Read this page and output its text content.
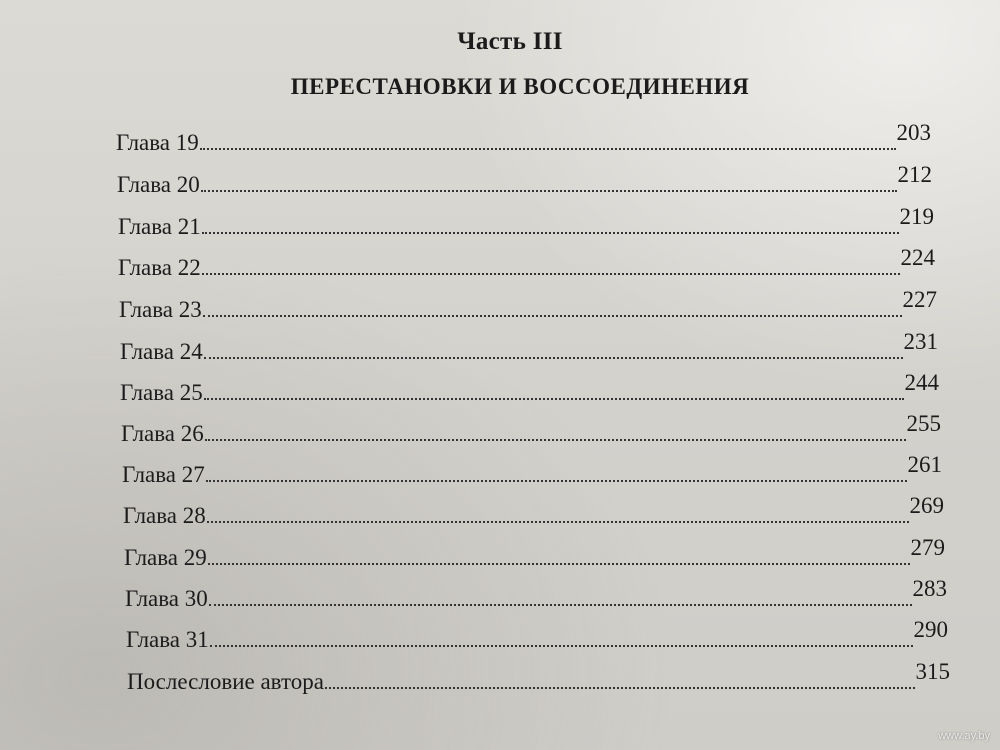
Часть III
ПЕРЕСТАНОВКИ И ВОССОЕДИНЕНИЯ
Глава 19	203
Глава 20	212
Глава 21	219
Глава 22	224
Глава 23	227
Глава 24	231
Глава 25	244
Глава 26	255
Глава 27	261
Глава 28	269
Глава 29	279
Глава 30	283
Глава 31	290
Послесловие автора	315
www.ay.by
